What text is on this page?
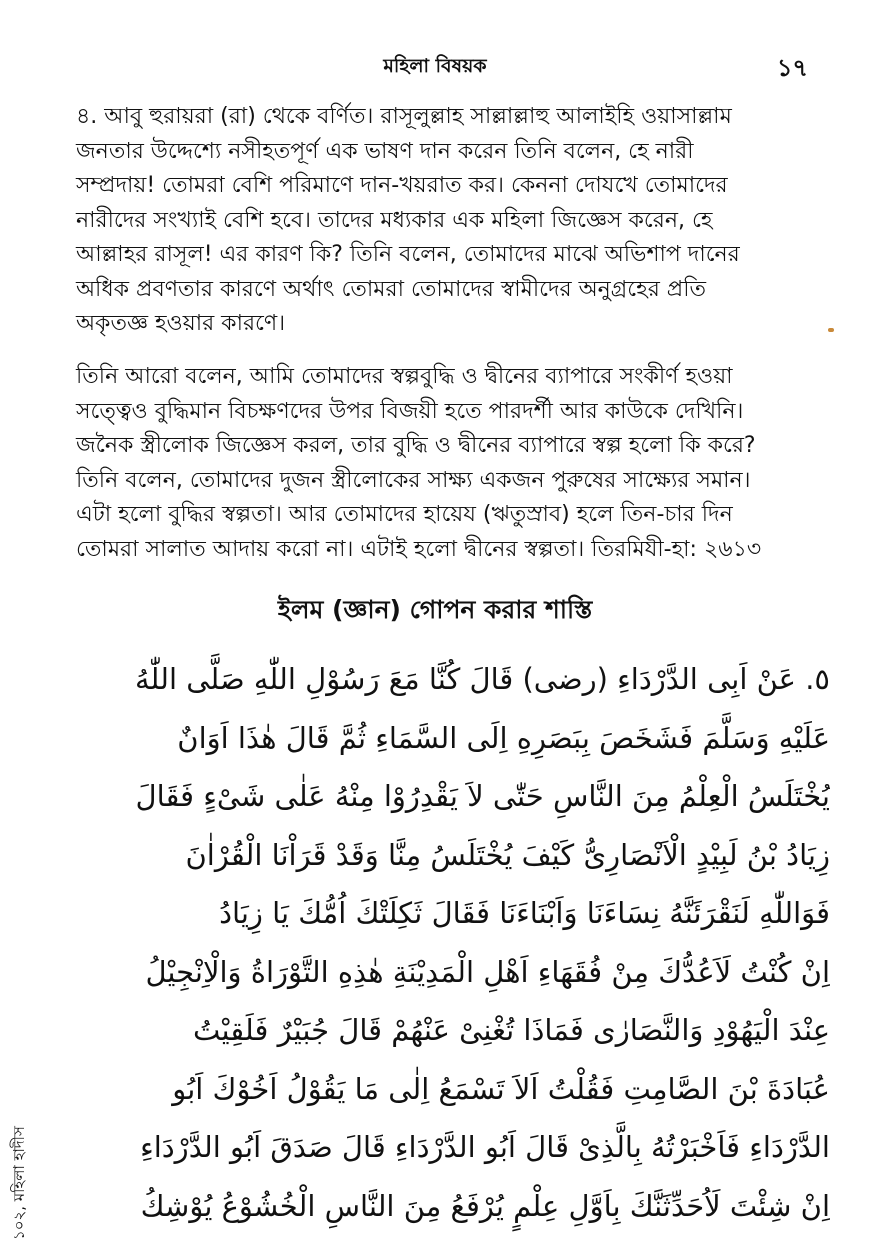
মহিলা বিষয়ক	১৭

৪. আবু হুরায়রা (রা) থেকে বর্ণিত। রাসূলুল্লাহ সাল্লাল্লাহু আলাইহি ওয়াসাল্লাম

জনতার উদ্দেশ্যে নসীহতপূর্ণ এক ভাষণ দান করেন তিনি বলেন, হে নারী

সম্প্রদায়! তোমরা বেশি পরিমাণে দান-খয়রাত কর। কেননা দোযখে তোমাদের

নারীদের সংখ্যাই বেশি হবে। তাদের মধ্যকার এক মহিলা জিজ্ঞেস করেন, হে

আল্লাহর রাসূল! এর কারণ কি? তিনি বলেন, তোমাদের মাঝে অভিশাপ দানের

অধিক প্রবণতার কারণে অর্থাৎ তোমরা তোমাদের স্বামীদের অনুগ্রহের প্রতি

অকৃতজ্ঞ হওয়ার কারণে।

তিনি আরো বলেন, আমি তোমাদের স্বল্পবুদ্ধি ও দ্বীনের ব্যাপারে সংকীর্ণ হওয়া

সত্ত্বেও বুদ্ধিমান বিচক্ষণদের উপর বিজয়ী হতে পারদর্শী আর কাউকে দেখিনি।

জনৈক স্ত্রীলোক জিজ্ঞেস করল, তার বুদ্ধি ও দ্বীনের ব্যাপারে স্বল্প হলো কি করে?

তিনি বলেন, তোমাদের দুজন স্ত্রীলোকের সাক্ষ্য একজন পুরুষের সাক্ষ্যের সমান।

এটা হলো বুদ্ধির স্বল্পতা। আর তোমাদের হায়েয (ঋতুস্রাব) হলে তিন-চার দিন

তোমরা সালাত আদায় করো না। এটাই হলো দ্বীনের স্বল্পতা। তিরমিযী-হা: ২৬১৩

ইলম (জ্ঞান) গোপন করার শাস্তি
٥. عَنْ اَبِى الدَّرْدَاءِ (رضى) قَالَ كُنَّا مَعَ رَسُوْلِ اللّٰهِ صَلَّى اللّٰهُ
عَلَيْهِ وَسَلَّمَ فَشَخَصَ بِبَصَرِهِ اِلَى السَّمَاءِ ثُمَّ قَالَ هٰذَا اَوَانٌ
يُخْتَلَسُ الْعِلْمُ مِنَ النَّاسِ حَتّٰى لاَ يَقْدِرُوْا مِنْهُ عَلٰى شَىْءٍ فَقَالَ
زِيَادُ بْنُ لَبِيْدٍ الْاَنْصَارِىُّ كَيْفَ يُخْتَلَسُ مِنَّا وَقَدْ قَرَاْنَا الْقُرْاٰنَ
فَوَاللّٰهِ لَنَقْرَئَنَّهُ نِسَاءَنَا وَاَبْنَاءَنَا فَقَالَ ثَكِلَتْكَ اُمُّكَ يَا زِيَادُ
اِنْ كُنْتُ لَاَعُدُّكَ مِنْ فُقَهَاءِ اَهْلِ الْمَدِيْنَةِ هٰذِهِ التَّوْرَاةُ وَالْاِنْجِيْلُ
عِنْدَ الْيَهُوْدِ وَالنَّصَارٰى فَمَاذَا تُغْنِىْ عَنْهُمْ قَالَ جُبَيْرٌ فَلَقِيْتُ
عُبَادَةَ بْنَ الصَّامِتِ فَقُلْتُ اَلاَ تَسْمَعُ اِلٰى مَا يَقُوْلُ اَخُوْكَ اَبُو
الدَّرْدَاءِ فَاَخْبَرْتُهُ بِالَّذِىْ قَالَ اَبُو الدَّرْدَاءِ قَالَ صَدَقَ اَبُو الدَّرْدَاءِ
اِنْ شِئْتَ لَاُحَدِّثَنَّكَ بِاَوَّلِ عِلْمٍ يُرْفَعُ مِنَ النَّاسِ الْخُشُوْعُ يُوْشِكُ
১০২, মহিলা হাদীস
